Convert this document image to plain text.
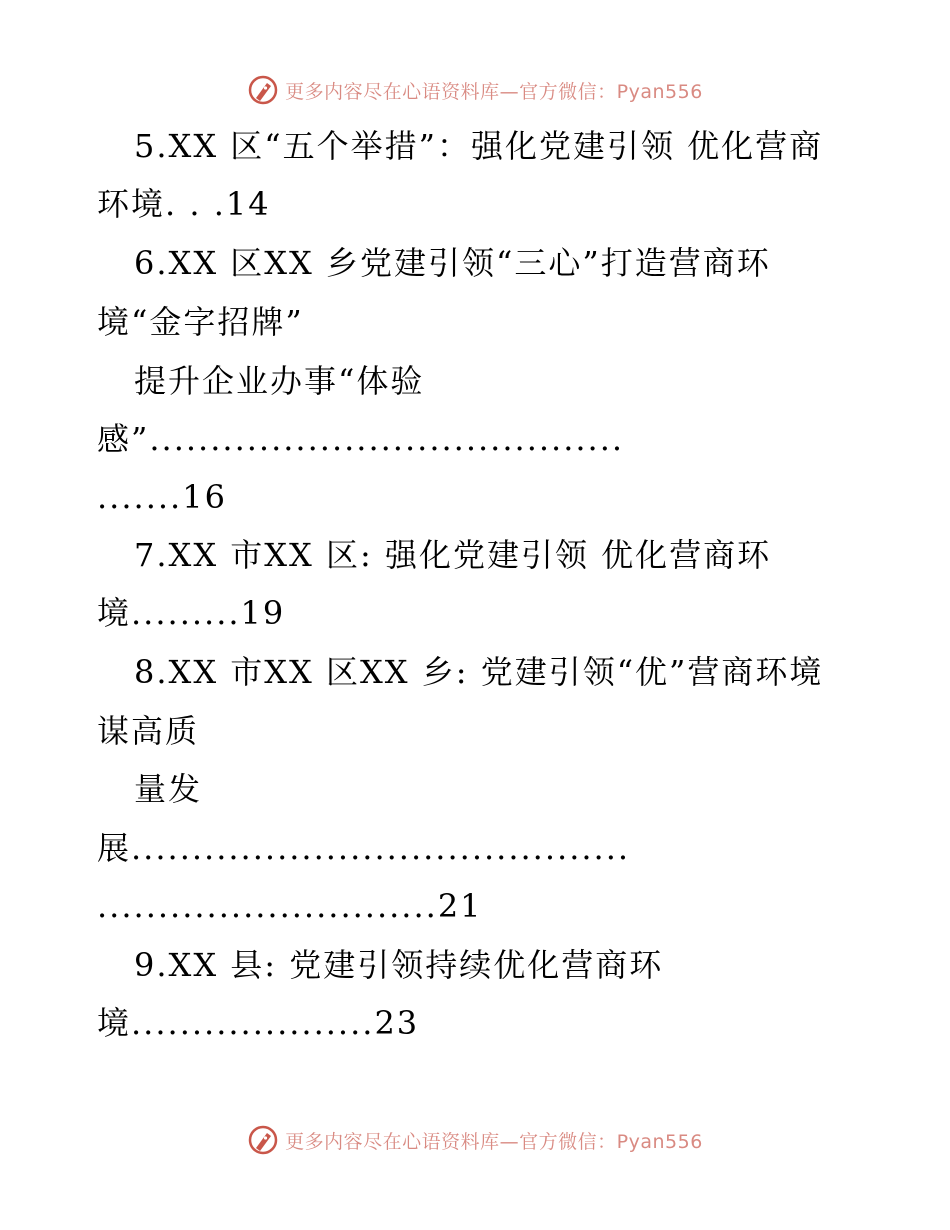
更多内容尽在心语资料库—官方微信：Pyan556
5.XX 区“五个举措”：强化党建引领 优化营商
环境. . .14
6.XX 区XX 乡党建引领“三心”打造营商环
境“金字招牌”
提升企业办事“体验
感”.......................................
.......16
7.XX 市XX 区: 强化党建引领 优化营商环
境.........19
8.XX 市XX 区XX 乡: 党建引领“优”营商环境
谋高质
量发
展.........................................
............................21
9.XX 县: 党建引领持续优化营商环
境....................23
更多内容尽在心语资料库—官方微信：Pyan556
